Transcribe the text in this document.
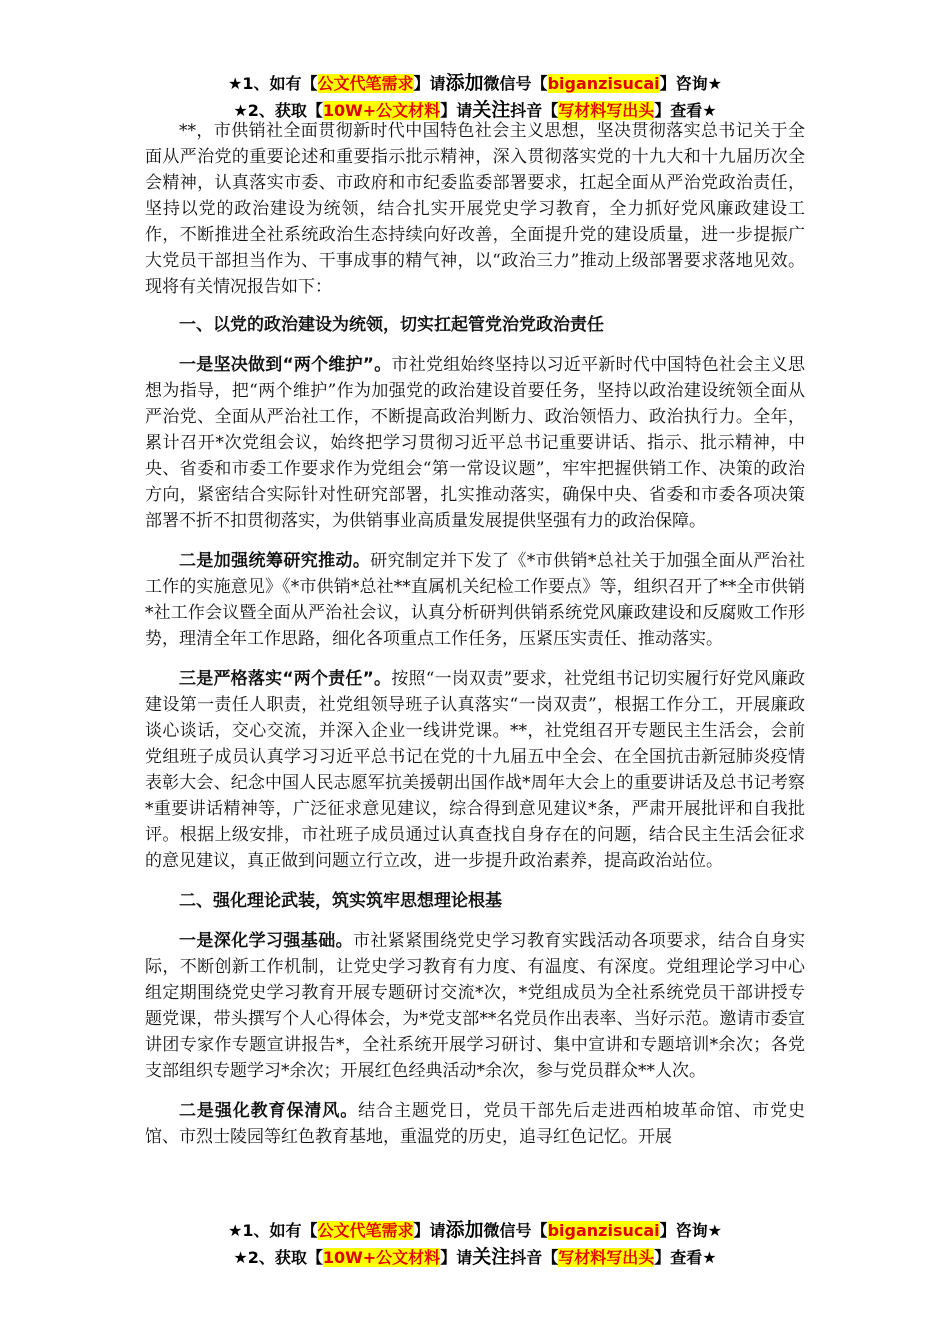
★1、如有【公文代笔需求】请添加微信号【biganzisucai】咨询★
★2、获取【10W+公文材料】请关注抖音【写材料写出头】查看★

**，市供销社全面贯彻新时代中国特色社会主义思想，坚决贯彻落实总书记关于全面从严治党的重要论述和重要指示批示精神，深入贯彻落实党的十九大和十九届历次全会精神，认真落实市委、市政府和市纪委监委部署要求，扛起全面从严治党政治责任，坚持以党的政治建设为统领，结合扎实开展党史学习教育，全力抓好党风廉政建设工作，不断推进全社系统政治生态持续向好改善，全面提升党的建设质量，进一步提振广大党员干部担当作为、干事成事的精气神，以“政治三力”推动上级部署要求落地见效。现将有关情况报告如下：

一、以党的政治建设为统领，切实扛起管党治党政治责任

一是坚决做到“两个维护”。市社党组始终坚持以习近平新时代中国特色社会主义思想为指导，把“两个维护”作为加强党的政治建设首要任务，坚持以政治建设统领全面从严治党、全面从严治社工作，不断提高政治判断力、政治领悟力、政治执行力。全年，累计召开*次党组会议，始终把学习贯彻习近平总书记重要讲话、指示、批示精神，中央、省委和市委工作要求作为党组会“第一常设议题”，牢牢把握供销工作、决策的政治方向，紧密结合实际针对性研究部署，扎实推动落实，确保中央、省委和市委各项决策部署不折不扣贯彻落实，为供销事业高质量发展提供坚强有力的政治保障。

二是加强统筹研究推动。研究制定并下发了《*市供销*总社关于加强全面从严治社工作的实施意见》《*市供销*总社**直属机关纪检工作要点》等，组织召开了**全市供销*社工作会议暨全面从严治社会议，认真分析研判供销系统党风廉政建设和反腐败工作形势，理清全年工作思路，细化各项重点工作任务，压紧压实责任、推动落实。

三是严格落实“两个责任”。按照“一岗双责”要求，社党组书记切实履行好党风廉政建设第一责任人职责，社党组领导班子认真落实“一岗双责”，根据工作分工，开展廉政谈心谈话，交心交流，并深入企业一线讲党课。**，社党组召开专题民主生活会，会前党组班子成员认真学习习近平总书记在党的十九届五中全会、在全国抗击新冠肺炎疫情表彰大会、纪念中国人民志愿军抗美援朝出国作战*周年大会上的重要讲话及总书记考察*重要讲话精神等，广泛征求意见建议，综合得到意见建议*条，严肃开展批评和自我批评。根据上级安排，市社班子成员通过认真查找自身存在的问题，结合民主生活会征求的意见建议，真正做到问题立行立改，进一步提升政治素养，提高政治站位。

二、强化理论武装，筑实筑牢思想理论根基

一是深化学习强基础。市社紧紧围绕党史学习教育实践活动各项要求，结合自身实际，不断创新工作机制，让党史学习教育有力度、有温度、有深度。党组理论学习中心组定期围绕党史学习教育开展专题研讨交流*次，*党组成员为全社系统党员干部讲授专题党课，带头撰写个人心得体会，为*党支部**名党员作出表率、当好示范。邀请市委宣讲团专家作专题宣讲报告*，全社系统开展学习研讨、集中宣讲和专题培训*余次；各党支部组织专题学习*余次；开展红色经典活动*余次，参与党员群众**人次。

二是强化教育保清风。结合主题党日，党员干部先后走进西柏坡革命馆、市党史馆、市烈士陵园等红色教育基地，重温党的历史，追寻红色记忆。开展

★1、如有【公文代笔需求】请添加微信号【biganzisucai】咨询★
★2、获取【10W+公文材料】请关注抖音【写材料写出头】查看★
